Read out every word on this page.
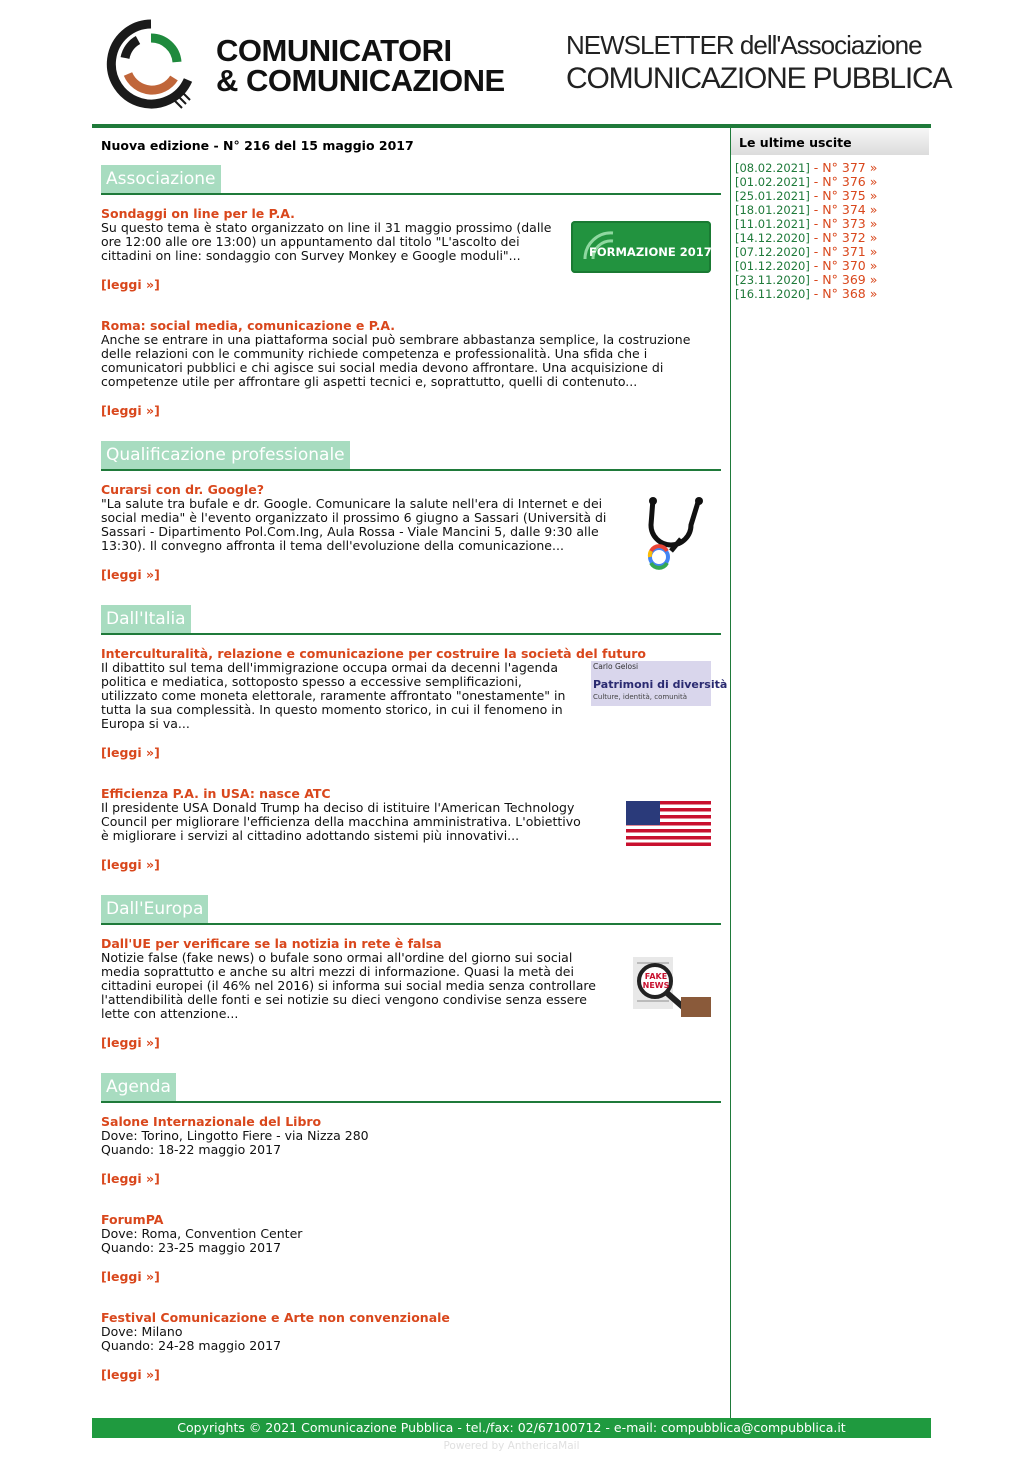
COMUNICATORI
& COMUNICAZIONE
NEWSLETTER dell'Associazione
COMUNICAZIONE PUBBLICA
Nuova edizione - N° 216 del 15 maggio 2017
Associazione
Sondaggi on line per le P.A.
Su questo tema è stato organizzato on line il 31 maggio prossimo (dalle ore 12:00 alle ore 13:00) un appuntamento dal titolo "L'ascolto dei cittadini on line: sondaggio con Survey Monkey e Google moduli"...
[leggi »]
FORMAZIONE 2017
Roma: social media, comunicazione e P.A.
Anche se entrare in una piattaforma social può sembrare abbastanza semplice, la costruzione delle relazioni con le community richiede competenza e professionalità. Una sfida che i comunicatori pubblici e chi agisce sui social media devono affrontare. Una acquisizione di competenze utile per affrontare gli aspetti tecnici e, soprattutto, quelli di contenuto...
[leggi »]
Qualificazione professionale
Curarsi con dr. Google?
"La salute tra bufale e dr. Google. Comunicare la salute nell'era di Internet e dei social media" è l'evento organizzato il prossimo 6 giugno a Sassari (Università di Sassari - Dipartimento Pol.Com.Ing, Aula Rossa - Viale Mancini 5, dalle 9:30 alle 13:30). Il convegno affronta il tema dell'evoluzione della comunicazione...
[leggi »]
Dall'Italia
Interculturalità, relazione e comunicazione per costruire la società del futuro
Il dibattito sul tema dell'immigrazione occupa ormai da decenni l'agenda politica e mediatica, sottoposto spesso a eccessive semplificazioni, utilizzato come moneta elettorale, raramente affrontato "onestamente" in tutta la sua complessità. In questo momento storico, in cui il fenomeno in Europa si va...
[leggi »]
Carlo Gelosi
Patrimoni di diversità
Culture, identità, comunità
Efficienza P.A. in USA: nasce ATC
Il presidente USA Donald Trump ha deciso di istituire l'American Technology Council per migliorare l'efficienza della macchina amministrativa. L'obiettivo è migliorare i servizi al cittadino adottando sistemi più innovativi...
[leggi »]
Dall'Europa
Dall'UE per verificare se la notizia in rete è falsa
Notizie false (fake news) o bufale sono ormai all'ordine del giorno sui social media soprattutto e anche su altri mezzi di informazione. Quasi la metà dei cittadini europei (il 46% nel 2016) si informa sui social media senza controllare l'attendibilità delle fonti e sei notizie su dieci vengono condivise senza essere lette con attenzione...
[leggi »]
FAKE NEWS
Agenda
Salone Internazionale del Libro
Dove: Torino, Lingotto Fiere - via Nizza 280
Quando: 18-22 maggio 2017
[leggi »]
ForumPA
Dove: Roma, Convention Center
Quando: 23-25 maggio 2017
[leggi »]
Festival Comunicazione e Arte non convenzionale
Dove: Milano
Quando: 24-28 maggio 2017
[leggi »]
Le ultime uscite
[08.02.2021] - N° 377 »
[01.02.2021] - N° 376 »
[25.01.2021] - N° 375 »
[18.01.2021] - N° 374 »
[11.01.2021] - N° 373 »
[14.12.2020] - N° 372 »
[07.12.2020] - N° 371 »
[01.12.2020] - N° 370 »
[23.11.2020] - N° 369 »
[16.11.2020] - N° 368 »
Copyrights © 2021 Comunicazione Pubblica - tel./fax: 02/67100712 - e-mail: compubblica@compubblica.it
Powered by AnthericaMail
